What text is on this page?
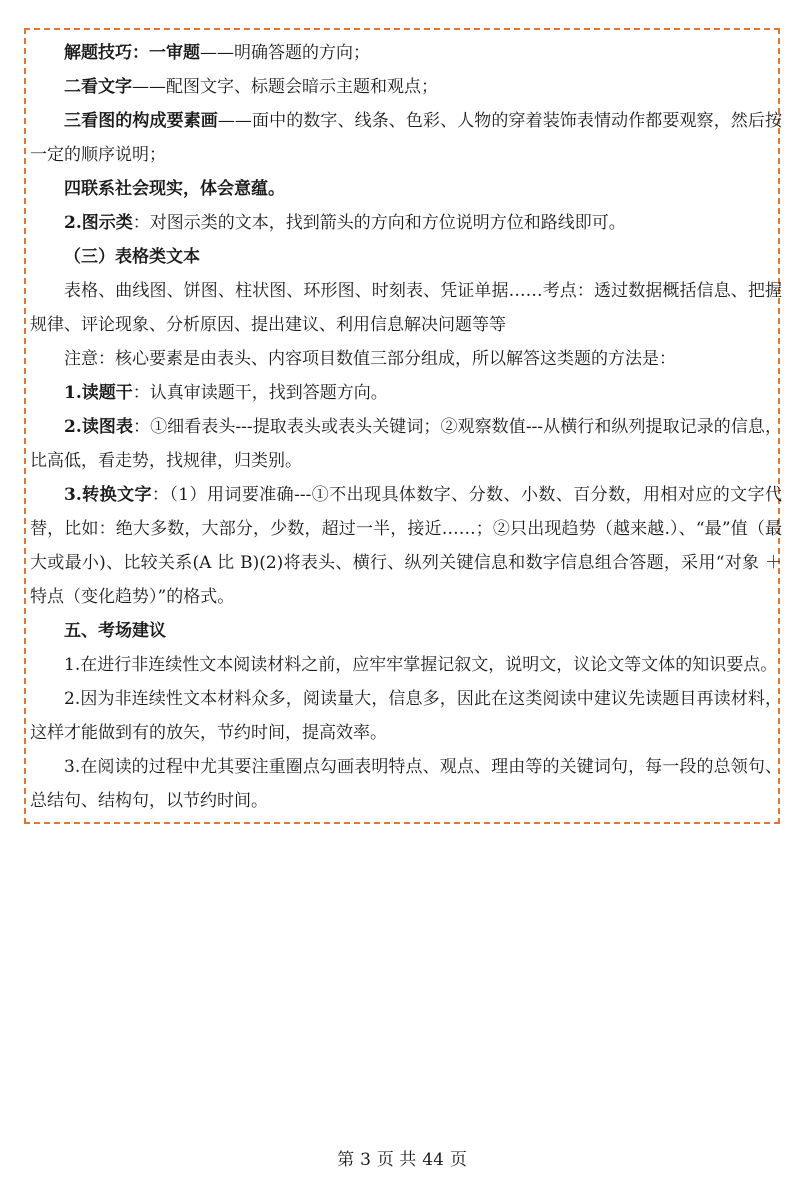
解题技巧：一审题——明确答题的方向；

二看文字——配图文字、标题会暗示主题和观点；

三看图的构成要素画——面中的数字、线条、色彩、人物的穿着装饰表情动作都要观察，然后按一定的顺序说明；

四联系社会现实，体会意蕴。

2.图示类：对图示类的文本，找到箭头的方向和方位说明方位和路线即可。

（三）表格类文本

表格、曲线图、饼图、柱状图、环形图、时刻表、凭证单据……考点：透过数据概括信息、把握规律、评论现象、分析原因、提出建议、利用信息解决问题等等

注意：核心要素是由表头、内容项目数值三部分组成，所以解答这类题的方法是：

1.读题干：认真审读题干，找到答题方向。

2.读图表：①细看表头---提取表头或表头关键词；②观察数值---从横行和纵列提取记录的信息，比高低，看走势，找规律，归类别。

3.转换文字：（1）用词要准确---①不出现具体数字、分数、小数、百分数，用相对应的文字代替，比如：绝大多数，大部分，少数，超过一半，接近……；②只出现趋势（越来越.）、“最”值（最大或最小)、比较关系(A 比 B)(2)将表头、横行、纵列关键信息和数字信息组合答题，采用“对象 ＋特点（变化趋势）”的格式。

五、考场建议

1.在进行非连续性文本阅读材料之前，应牢牢掌握记叙文，说明文，议论文等文体的知识要点。

2.因为非连续性文本材料众多，阅读量大，信息多，因此在这类阅读中建议先读题目再读材料，这样才能做到有的放矢，节约时间，提高效率。

3.在阅读的过程中尤其要注重圈点勾画表明特点、观点、理由等的关键词句，每一段的总领句、总结句、结构句，以节约时间。

第 3 页 共 44 页
